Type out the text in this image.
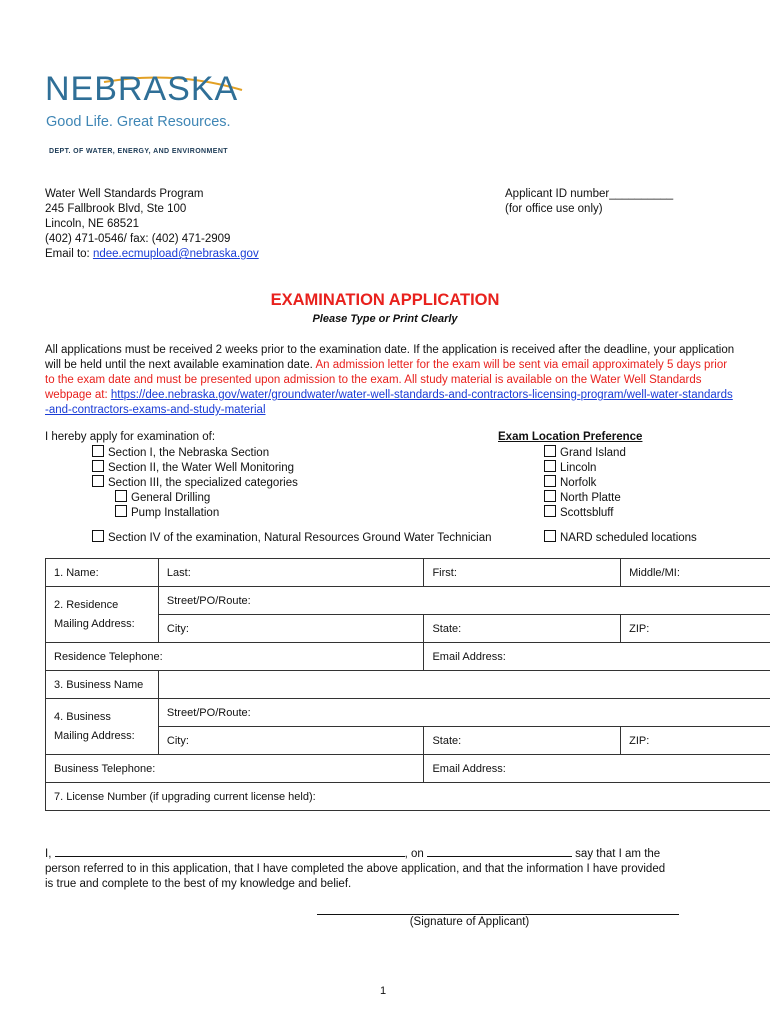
NEBRASKA
Good Life. Great Resources.
DEPT. OF WATER, ENERGY, AND ENVIRONMENT
Water Well Standards Program
245 Fallbrook Blvd, Ste 100
Lincoln, NE 68521
(402) 471-0546/ fax: (402) 471-2909
Email to: ndee.ecmupload@nebraska.gov
Applicant ID number__________
(for office use only)
EXAMINATION APPLICATION
Please Type or Print Clearly
All applications must be received 2 weeks prior to the examination date. If the application is received after the deadline, your application will be held until the next available examination date. An admission letter for the exam will be sent via email approximately 5 days prior to the exam date and must be presented upon admission to the exam. All study material is available on the Water Well Standards webpage at: https://dee.nebraska.gov/water/groundwater/water-well-standards-and-contractors-licensing-program/well-water-standards-and-contractors-exams-and-study-material
I hereby apply for examination of:
Section I, the Nebraska Section
Section II, the Water Well Monitoring
Section III, the specialized categories
General Drilling
Pump Installation
Section IV of the examination, Natural Resources Ground Water Technician
Exam Location Preference
Grand Island
Lincoln
Norfolk
North Platte
Scottsbluff
NARD scheduled locations
1. Name:	Last:	First:	Middle/MI:

2. Residence
Mailing Address:	Street/PO/Route:		
	City:	State:	ZIP:
Residence Telephone:		Email Address:	
3. Business Name			

4. Business
Mailing Address:	Street/PO/Route:		
	City:	State:	ZIP:
Business Telephone:		Email Address:	
7. License Number (if upgrading current license held):			
I,	, on	say that I am the
person referred to in this application, that I have completed the above application, and that the information I have provided
is true and complete to the best of my knowledge and belief.
(Signature of Applicant)
1
